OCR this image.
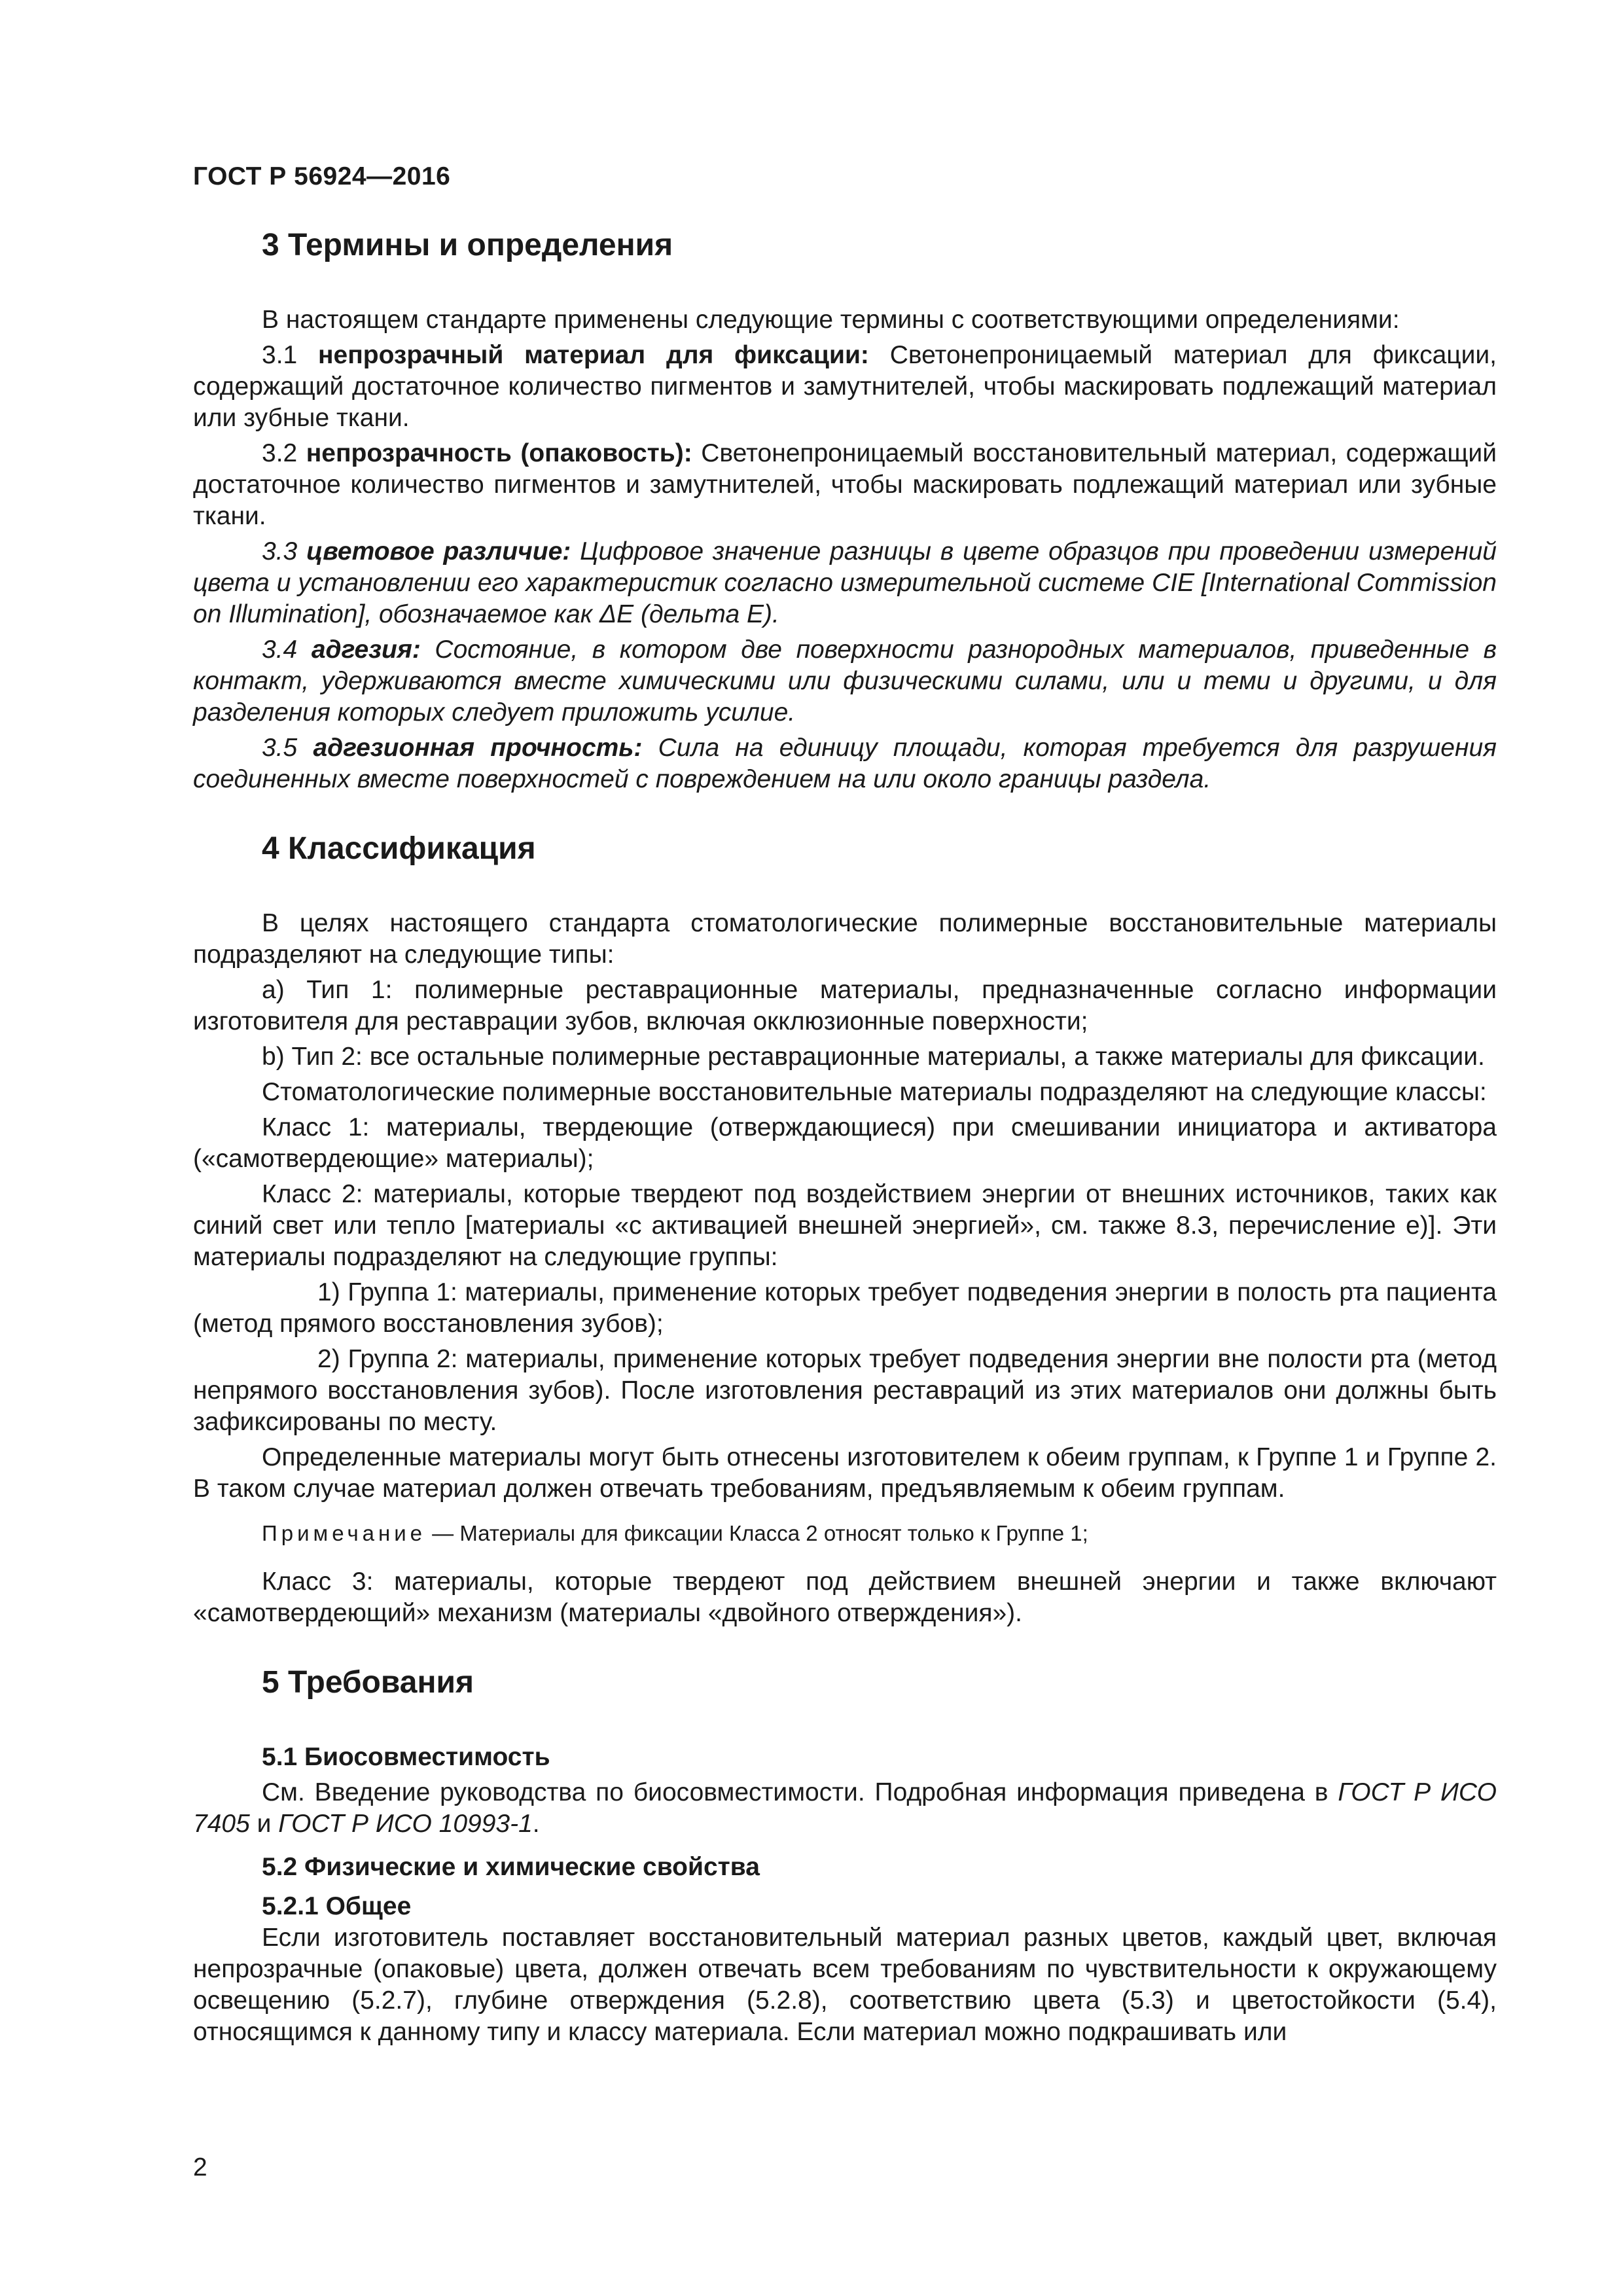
ГОСТ Р 56924—2016
3 Термины и определения

В настоящем стандарте применены следующие термины с соответствующими определениями:

3.1 непрозрачный материал для фиксации: Светонепроницаемый материал для фиксации, содержащий достаточное количество пигментов и замутнителей, чтобы маскировать подлежащий материал или зубные ткани.

3.2 непрозрачность (опаковость): Светонепроницаемый восстановительный материал, содержащий достаточное количество пигментов и замутнителей, чтобы маскировать подлежащий материал или зубные ткани.

3.3 цветовое различие: Цифровое значение разницы в цвете образцов при проведении измерений цвета и установлении его характеристик согласно измерительной системе CIE [International Commission on Illumination], обозначаемое как ΔE (дельта E).

3.4 адгезия: Состояние, в котором две поверхности разнородных материалов, приведенные в контакт, удерживаются вместе химическими или физическими силами, или и теми и другими, и для разделения которых следует приложить усилие.

3.5 адгезионная прочность: Сила на единицу площади, которая требуется для разрушения соединенных вместе поверхностей с повреждением на или около границы раздела.

4 Классификация

В целях настоящего стандарта стоматологические полимерные восстановительные материалы подразделяют на следующие типы:

a) Тип 1: полимерные реставрационные материалы, предназначенные согласно информации изготовителя для реставрации зубов, включая окклюзионные поверхности;

b) Тип 2: все остальные полимерные реставрационные материалы, а также материалы для фиксации.

Стоматологические полимерные восстановительные материалы подразделяют на следующие классы:

Класс 1: материалы, твердеющие (отверждающиеся) при смешивании инициатора и активатора («самотвердеющие» материалы);

Класс 2: материалы, которые твердеют под воздействием энергии от внешних источников, таких как синий свет или тепло [материалы «с активацией внешней энергией», см. также 8.3, перечисление е)]. Эти материалы подразделяют на следующие группы:

1) Группа 1: материалы, применение которых требует подведения энергии в полость рта пациента (метод прямого восстановления зубов);

2) Группа 2: материалы, применение которых требует подведения энергии вне полости рта (метод непрямого восстановления зубов). После изготовления реставраций из этих материалов они должны быть зафиксированы по месту.

Определенные материалы могут быть отнесены изготовителем к обеим группам, к Группе 1 и Группе 2. В таком случае материал должен отвечать требованиям, предъявляемым к обеим группам.

Примечание — Материалы для фиксации Класса 2 относят только к Группе 1;

Класс 3: материалы, которые твердеют под действием внешней энергии и также включают «самотвердеющий» механизм (материалы «двойного отверждения»).

5 Требования
5.1 Биосовместимость

См. Введение руководства по биосовместимости. Подробная информация приведена в ГОСТ Р ИСО 7405 и ГОСТ Р ИСО 10993-1.

5.2 Физические и химические свойства
5.2.1 Общее

Если изготовитель поставляет восстановительный материал разных цветов, каждый цвет, включая непрозрачные (опаковые) цвета, должен отвечать всем требованиям по чувствительности к окружающему освещению (5.2.7), глубине отверждения (5.2.8), соответствию цвета (5.3) и цветостойкости (5.4), относящимся к данному типу и классу материала. Если материал можно подкрашивать или

2
